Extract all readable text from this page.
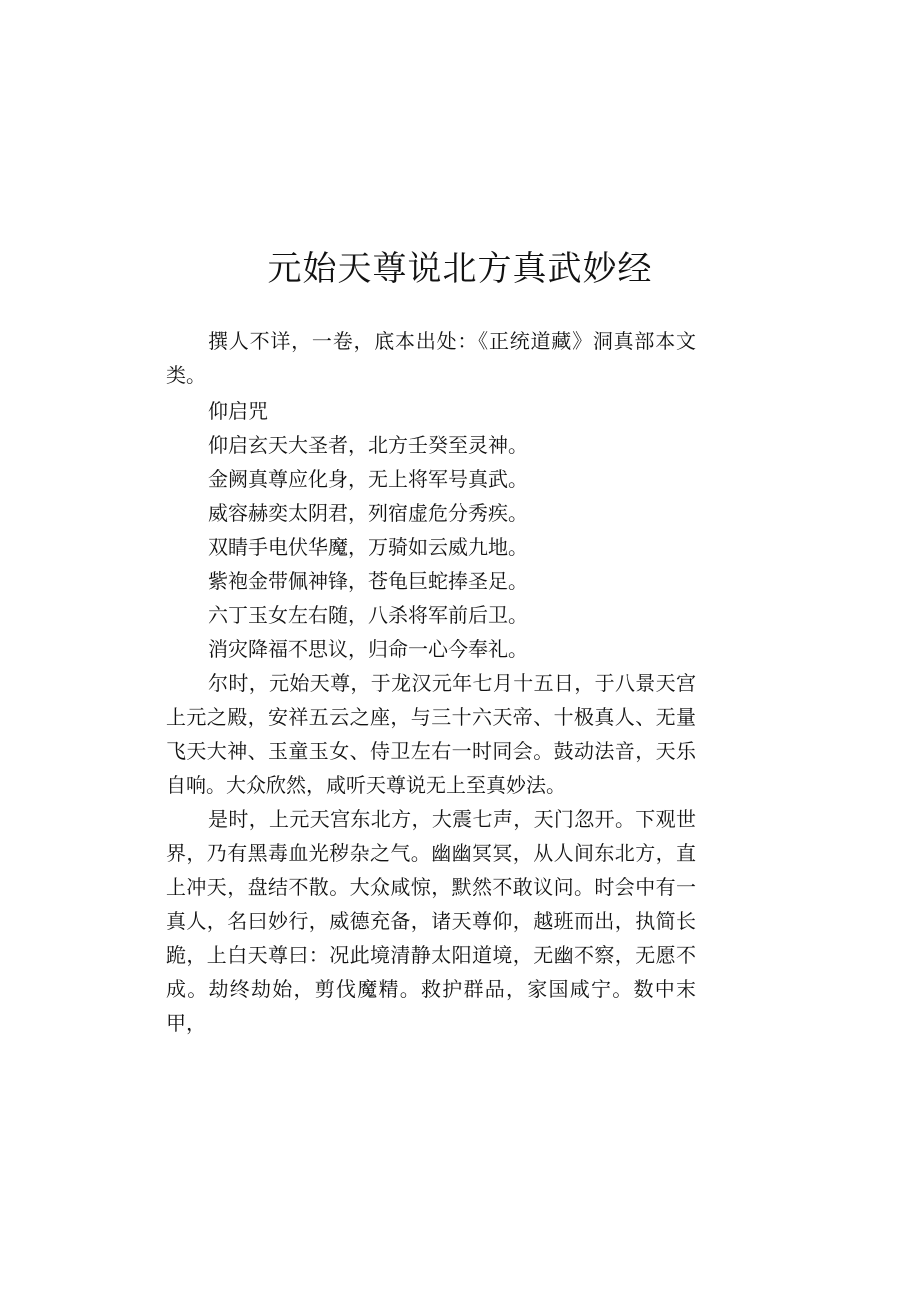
元始天尊说北方真武妙经

撰人不详，一卷，底本出处：《正统道藏》洞真部本文类。

仰启咒

仰启玄天大圣者，北方壬癸至灵神。

金阙真尊应化身，无上将军号真武。

威容赫奕太阴君，列宿虚危分秀疾。

双睛手电伏华魔，万骑如云威九地。

紫袍金带佩神锋，苍龟巨蛇捧圣足。

六丁玉女左右随，八杀将军前后卫。

消灾降福不思议，归命一心今奉礼。

尔时，元始天尊，于龙汉元年七月十五日，于八景天宫上元之殿，安祥五云之座，与三十六天帝、十极真人、无量飞天大神、玉童玉女、侍卫左右一时同会。鼓动法音，天乐自响。大众欣然，咸听天尊说无上至真妙法。

是时，上元天宫东北方，大震七声，天门忽开。下观世界，乃有黑毒血光秽杂之气。幽幽冥冥，从人间东北方，直上冲天，盘结不散。大众咸惊，默然不敢议问。时会中有一真人，名曰妙行，威德充备，诸天尊仰，越班而出，执简长跪，上白天尊曰：况此境清静太阳道境，无幽不察，无愿不成。劫终劫始，剪伐魔精。救护群品，家国咸宁。数中末甲，
